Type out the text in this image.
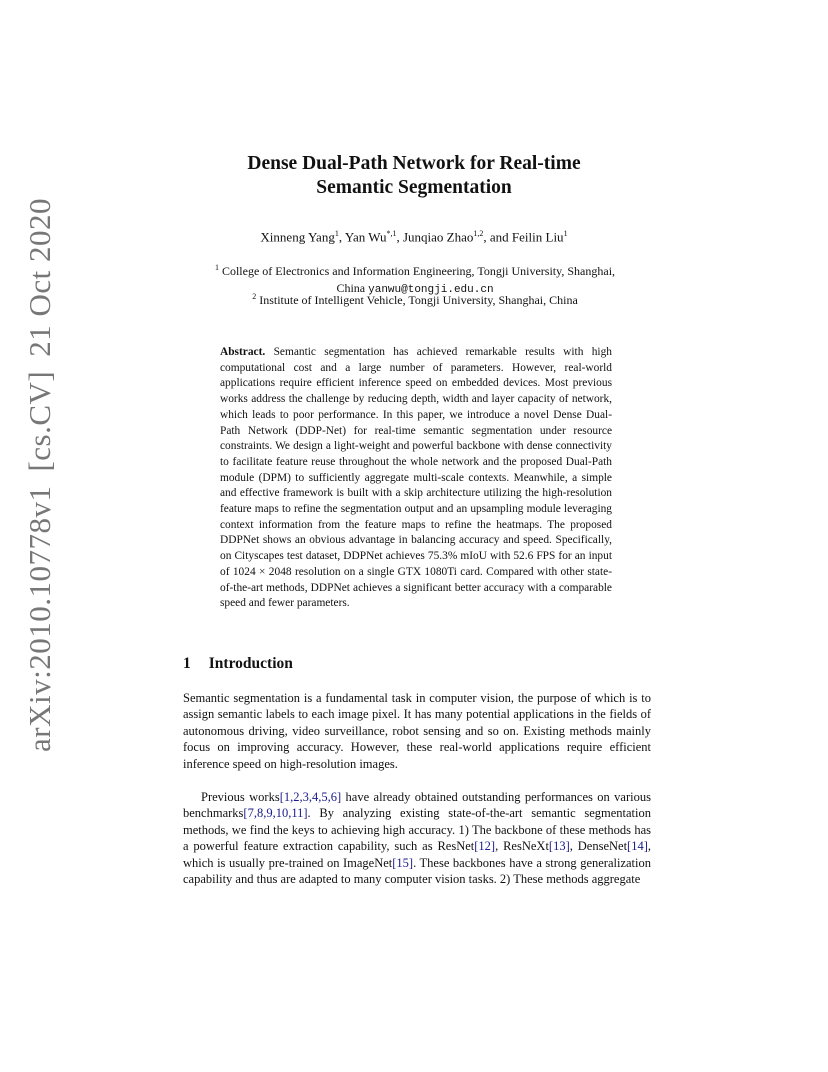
arXiv:2010.10778v1[cs.CV]21 Oct 2020
Dense Dual-Path Network for Real-time
Semantic Segmentation
Xinneng Yang$^1$, Yan $Wu^{*,1}$, Junqiao Zhao$^{1,2}$, and Feilin Liu$^1$
$^1$ College of Electronics and Information Engineering, Tongji University, Shanghai,
China yanwu@tongji.edu.cn
$^2$ Institute of Intelligent Vehicle, Tongji University, Shanghai, China
Abstract. Semantic segmentation has achieved remarkable results with high computational cost and a large number of parameters. However, real-world applications require efficient inference speed on embedded devices. Most previous works address the challenge by reducing depth, width and layer capacity of network, which leads to poor performance. In this paper, we introduce a novel Dense Dual-Path Network (DDP-Net) for real-time semantic segmentation under resource constraints. We design a light-weight and powerful backbone with dense connectivity to facilitate feature reuse throughout the whole network and the proposed Dual-Path module (DPM) to sufficiently aggregate multi-scale contexts. Meanwhile, a simple and effective framework is built with a skip architecture utilizing the high-resolution feature maps to refine the segmentation output and an upsampling module leveraging context information from the feature maps to refine the heatmaps. The proposed DDPNet shows an obvious advantage in balancing accuracy and speed. Specifically, on Cityscapes test dataset, DDPNet achieves 75.3% mIoU with 52.6 FPS for an input of 1024 × 2048 resolution on a single GTX 1080Ti card. Compared with other state-of-the-art methods, DDPNet achieves a significant better accuracy with a comparable speed and fewer parameters.
1 Introduction
Semantic segmentation is a fundamental task in computer vision, the purpose of which is to assign semantic labels to each image pixel. It has many potential applications in the fields of autonomous driving, video surveillance, robot sensing and so on. Existing methods mainly focus on improving accuracy. However, these real-world applications require efficient inference speed on high-resolution images.
Previous works[1,2,3,4,5,6] have already obtained outstanding performances on various benchmarks[7,8,9,10,11]. By analyzing existing state-of-the-art semantic segmentation methods, we find the keys to achieving high accuracy. 1) The backbone of these methods has a powerful feature extraction capability, such as ResNet[12], ResNeXt[13], DenseNet[14], which is usually pre-trained on ImageNet[15]. These backbones have a strong generalization capability and thus are adapted to many computer vision tasks. 2) These methods aggregate
